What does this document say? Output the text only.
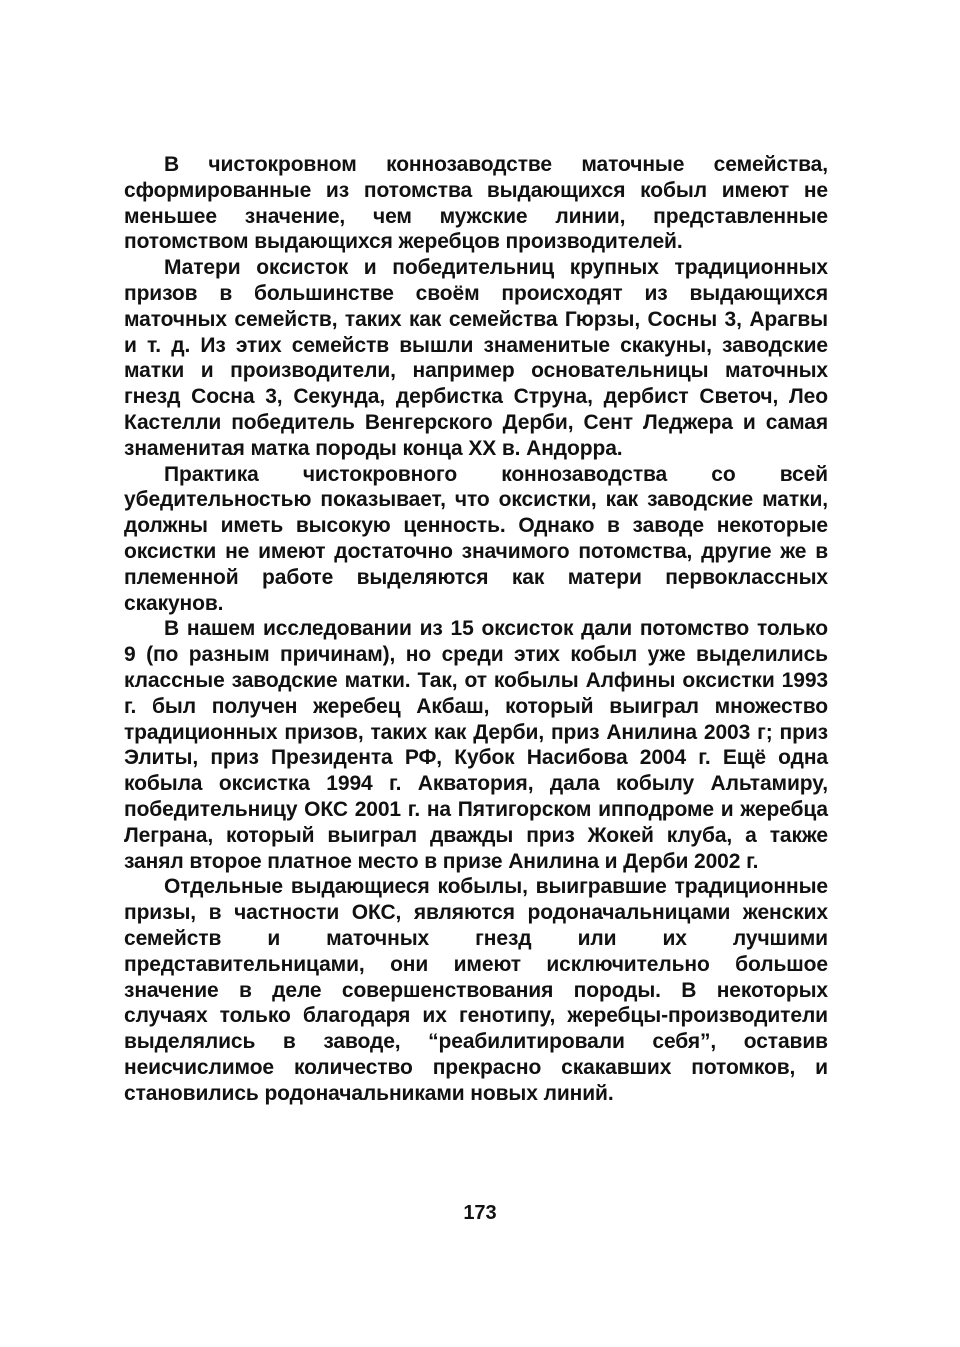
В чистокровном коннозаводстве маточные семейства, сформированные из потомства выдающихся кобыл имеют не меньшее значение, чем мужские линии, представленные потомством выдающихся жеребцов производителей.

Матери оксисток и победительниц крупных традиционных призов в большинстве своём происходят из выдающихся маточных семейств, таких как семейства Гюрзы, Сосны 3, Арагвы и т. д. Из этих семейств вышли знаменитые скакуны, заводские матки и производители, например основательницы маточных гнезд Сосна 3, Секунда, дербистка Струна, дербист Светоч, Лео Кастелли победитель Венгерского Дерби, Сент Леджера и самая знаменитая матка породы конца XX в. Андорра.

Практика чистокровного коннозаводства со всей убедительностью показывает, что оксистки, как заводские матки, должны иметь высокую ценность. Однако в заводе некоторые оксистки не имеют достаточно значимого потомства, другие же в племенной работе выделяются как матери первоклассных скакунов.

В нашем исследовании из 15 оксисток дали потомство только 9 (по разным причинам), но среди этих кобыл уже выделились классные заводские матки. Так, от кобылы Алфины оксистки 1993 г. был получен жеребец Акбаш, который выиграл множество традиционных призов, таких как Дерби, приз Анилина 2003 г; приз Элиты, приз Президента РФ, Кубок Насибова 2004 г. Ещё одна кобыла оксистка 1994 г. Акватория, дала кобылу Альтамиру, победительницу ОКС 2001 г. на Пятигорском ипподроме и жеребца Леграна, который выиграл дважды приз Жокей клуба, а также занял второе платное место в призе Анилина и Дерби 2002 г.

Отдельные выдающиеся кобылы, выигравшие традиционные призы, в частности ОКС, являются родоначальницами женских семейств и маточных гнезд или их лучшими представительницами, они имеют исключительно большое значение в деле совершенствования породы. В некоторых случаях только благодаря их генотипу, жеребцы-производители выделялись в заводе, “реабилитировали себя”, оставив неисчислимое количество прекрасно скакавших потомков, и становились родоначальниками новых линий.

173
